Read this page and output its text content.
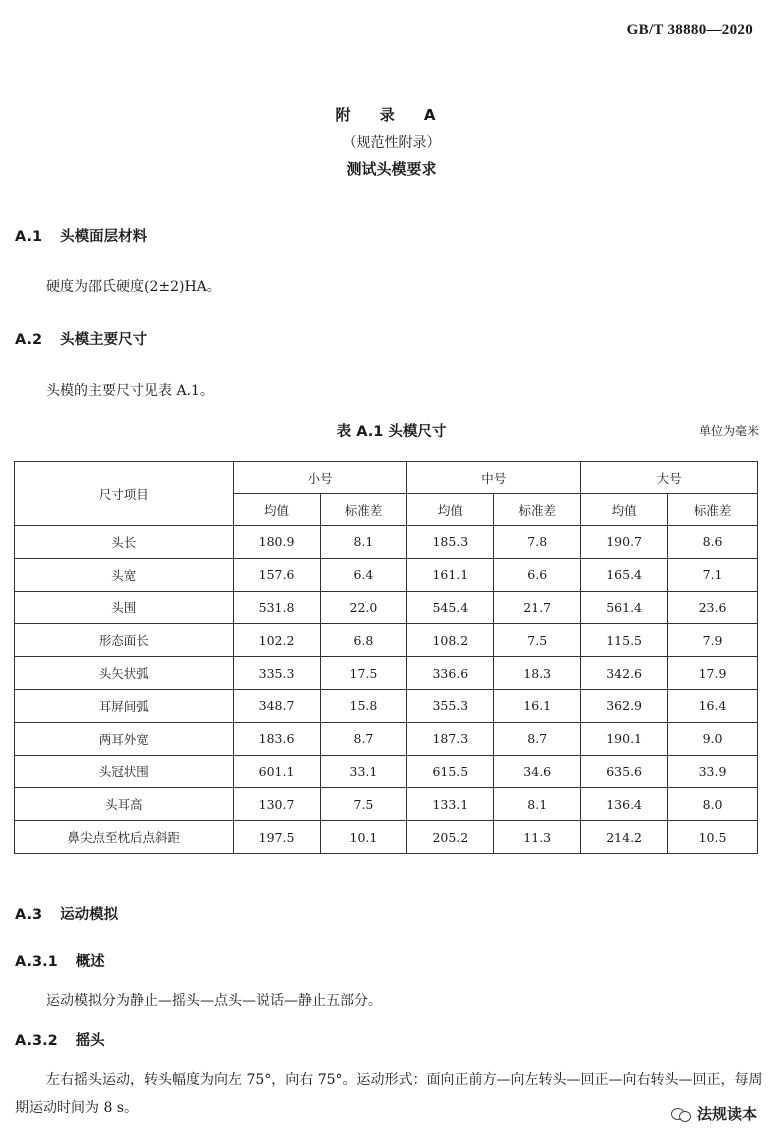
GB/T 38880—2020
附 录 A
（规范性附录）
测试头模要求
A.1 头模面层材料
硬度为邵氏硬度(2±2)HA。
A.2 头模主要尺寸
头模的主要尺寸见表 A.1。
表 A.1 头模尺寸	单位为毫米
尺寸项目	小号		中号		大号	
	均值	标准差	均值	标准差	均值	标准差
头长	180.9	8.1	185.3	7.8	190.7	8.6
头宽	157.6	6.4	161.1	6.6	165.4	7.1
头围	531.8	22.0	545.4	21.7	561.4	23.6
形态面长	102.2	6.8	108.2	7.5	115.5	7.9
头矢状弧	335.3	17.5	336.6	18.3	342.6	17.9
耳屏间弧	348.7	15.8	355.3	16.1	362.9	16.4
两耳外宽	183.6	8.7	187.3	8.7	190.1	9.0
头冠状围	601.1	33.1	615.5	34.6	635.6	33.9
头耳高	130.7	7.5	133.1	8.1	136.4	8.0
鼻尖点至枕后点斜距	197.5	10.1	205.2	11.3	214.2	10.5
A.3 运动模拟
A.3.1 概述
运动模拟分为静止—摇头—点头—说话—静止五部分。
A.3.2 摇头
左右摇头运动，转头幅度为向左 75°，向右 75°。运动形式：面向正前方—向左转头—回正—向右转头—回正，每周期运动时间为 8 s。	法规读本
